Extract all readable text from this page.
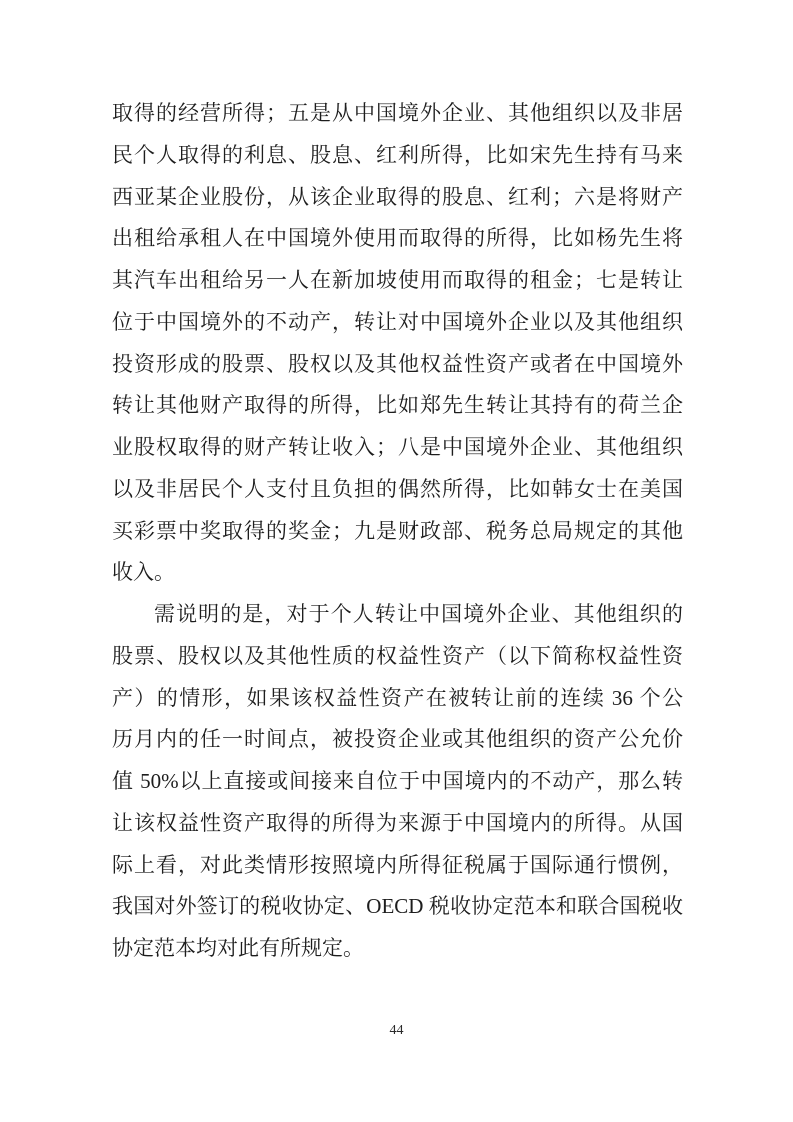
取得的经营所得；五是从中国境外企业、其他组织以及非居
民个人取得的利息、股息、红利所得，比如宋先生持有马来
西亚某企业股份，从该企业取得的股息、红利；六是将财产
出租给承租人在中国境外使用而取得的所得，比如杨先生将
其汽车出租给另一人在新加坡使用而取得的租金；七是转让
位于中国境外的不动产，转让对中国境外企业以及其他组织
投资形成的股票、股权以及其他权益性资产或者在中国境外
转让其他财产取得的所得，比如郑先生转让其持有的荷兰企
业股权取得的财产转让收入；八是中国境外企业、其他组织
以及非居民个人支付且负担的偶然所得，比如韩女士在美国
买彩票中奖取得的奖金；九是财政部、税务总局规定的其他
收入。
需说明的是，对于个人转让中国境外企业、其他组织的
股票、股权以及其他性质的权益性资产（以下简称权益性资
产）的情形，如果该权益性资产在被转让前的连续 36 个公
历月内的任一时间点，被投资企业或其他组织的资产公允价
值 50%以上直接或间接来自位于中国境内的不动产，那么转
让该权益性资产取得的所得为来源于中国境内的所得。从国
际上看，对此类情形按照境内所得征税属于国际通行惯例，
我国对外签订的税收协定、OECD 税收协定范本和联合国税收
协定范本均对此有所规定。
44
